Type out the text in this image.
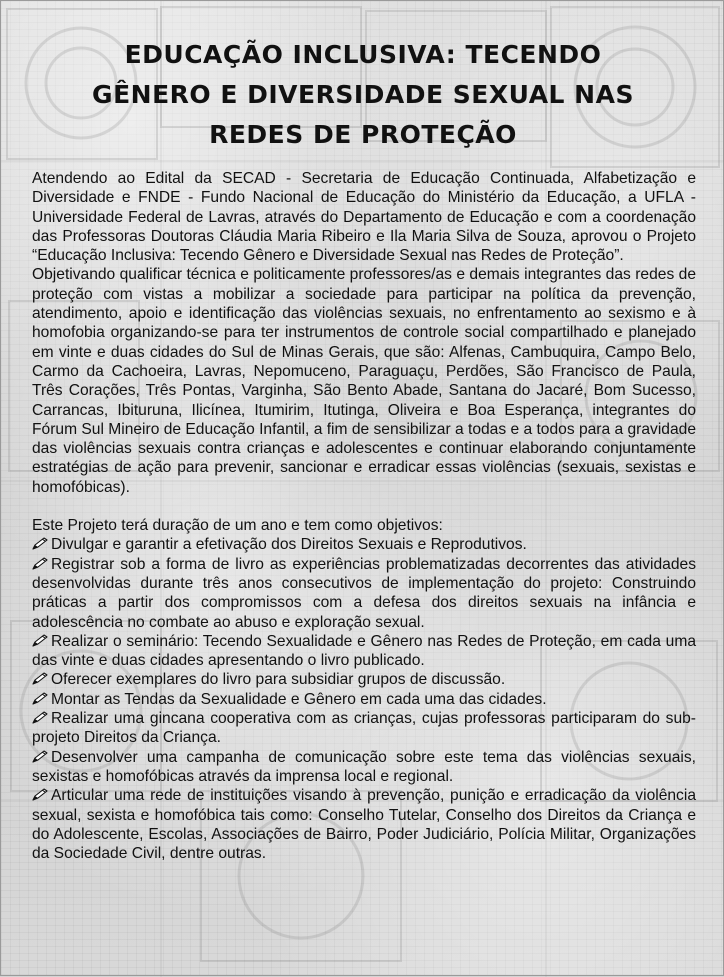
EDUCAÇÃO INCLUSIVA: TECENDO
GÊNERO E DIVERSIDADE SEXUAL NAS
REDES DE PROTEÇÃO

Atendendo ao Edital da SECAD - Secretaria de Educação Continuada, Alfabetização e Diversidade e FNDE - Fundo Nacional de Educação do Ministério da Educação, a UFLA - Universidade Federal de Lavras, através do Departamento de Educação e com a coordenação das Professoras Doutoras Cláudia Maria Ribeiro e Ila Maria Silva de Souza, aprovou o Projeto “Educação Inclusiva: Tecendo Gênero e Diversidade Sexual nas Redes de Proteção”.

Objetivando qualificar técnica e politicamente professores/as e demais integrantes das redes de proteção com vistas a mobilizar a sociedade para participar na política da prevenção, atendimento, apoio e identificação das violências sexuais, no enfrentamento ao sexismo e à homofobia organizando-se para ter instrumentos de controle social compartilhado e planejado em vinte e duas cidades do Sul de Minas Gerais, que são: Alfenas, Cambuquira, Campo Belo, Carmo da Cachoeira, Lavras, Nepomuceno, Paraguaçu, Perdões, São Francisco de Paula, Três Corações, Três Pontas, Varginha, São Bento Abade, Santana do Jacaré, Bom Sucesso, Carrancas, Ibituruna, Ilicínea, Itumirim, Itutinga, Oliveira e Boa Esperança, integrantes do Fórum Sul Mineiro de Educação Infantil, a fim de sensibilizar a todas e a todos para a gravidade das violências sexuais contra crianças e adolescentes e continuar elaborando conjuntamente estratégias de ação para prevenir, sancionar e erradicar essas violências (sexuais, sexistas e homofóbicas).

Este Projeto terá duração de um ano e tem como objetivos:

Divulgar e garantir a efetivação dos Direitos Sexuais e Reprodutivos.

Registrar sob a forma de livro as experiências problematizadas decorrentes das atividades desenvolvidas durante três anos consecutivos de implementação do projeto: Construindo práticas a partir dos compromissos com a defesa dos direitos sexuais na infância e adolescência no combate ao abuso e exploração sexual.

Realizar o seminário: Tecendo Sexualidade e Gênero nas Redes de Proteção, em cada uma das vinte e duas cidades apresentando o livro publicado.

Oferecer exemplares do livro para subsidiar grupos de discussão.

Montar as Tendas da Sexualidade e Gênero em cada uma das cidades.

Realizar uma gincana cooperativa com as crianças, cujas professoras participaram do sub-projeto Direitos da Criança.

Desenvolver uma campanha de comunicação sobre este tema das violências sexuais, sexistas e homofóbicas através da imprensa local e regional.

Articular uma rede de instituições visando à prevenção, punição e erradicação da violência sexual, sexista e homofóbica tais como: Conselho Tutelar, Conselho dos Direitos da Criança e do Adolescente, Escolas, Associações de Bairro, Poder Judiciário, Polícia Militar, Organizações da Sociedade Civil, dentre outras.
